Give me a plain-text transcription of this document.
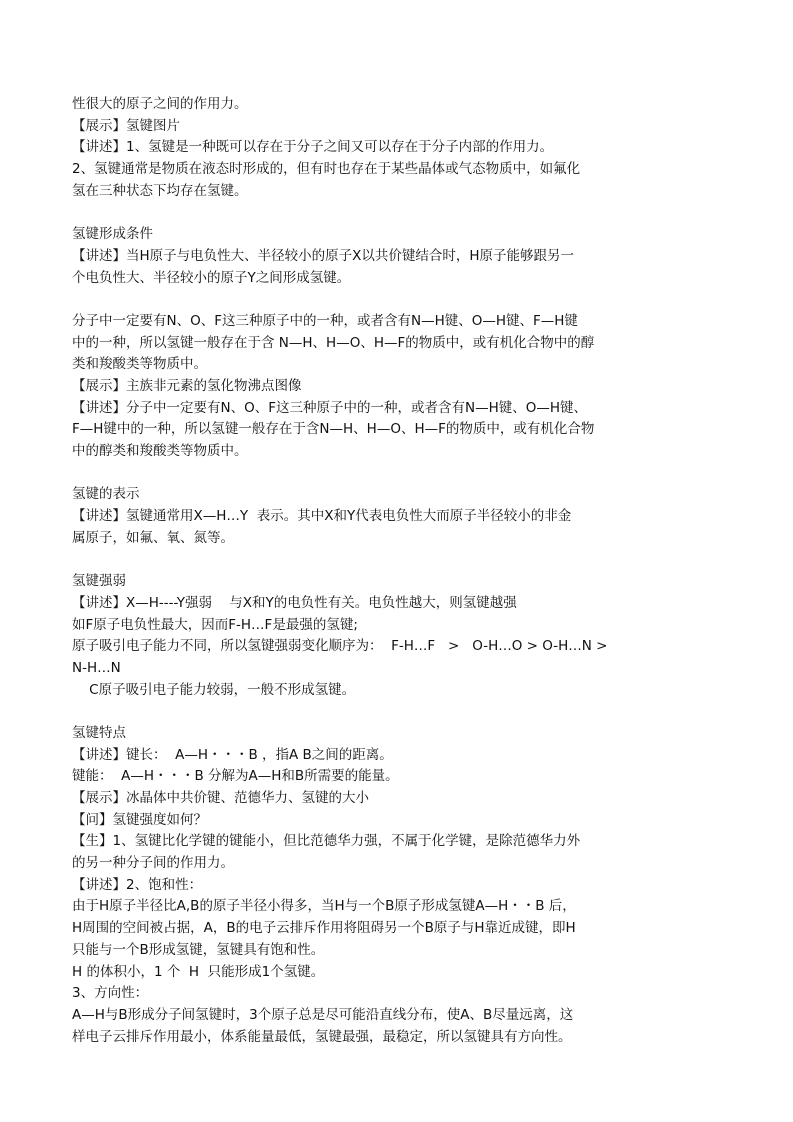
性很大的原子之间的作用力。
【展示】氢键图片
【讲述】1、氢键是一种既可以存在于分子之间又可以存在于分子内部的作用力。
2、氢键通常是物质在液态时形成的，但有时也存在于某些晶体或气态物质中，如氟化
氢在三种状态下均存在氢键。
氢键形成条件
【讲述】当H原子与电负性大、半径较小的原子X以共价键结合时，H原子能够跟另一
个电负性大、半径较小的原子Y之间形成氢键。
分子中一定要有N、O、F这三种原子中的一种，或者含有N—H键、O—H键、F—H键
中的一种，所以氢键一般存在于含 N—H、H—O、H—F的物质中，或有机化合物中的醇
类和羧酸类等物质中。
【展示】主族非元素的氢化物沸点图像
【讲述】分子中一定要有N、O、F这三种原子中的一种，或者含有N—H键、O—H键、
F—H键中的一种，所以氢键一般存在于含N—H、H—O、H—F的物质中，或有机化合物
中的醇类和羧酸类等物质中。
氢键的表示
【讲述】氢键通常用X—H…Y  表示。其中X和Y代表电负性大而原子半径较小的非金
属原子，如氟、氧、氮等。
氢键强弱
【讲述】X—H----Y强弱    与X和Y的电负性有关。电负性越大，则氢键越强
如F原子电负性最大，因而F-H…F是最强的氢键;
原子吸引电子能力不同，所以氢键强弱变化顺序为：  F-H…F   >   O-H…O > O-H…N >
N-H…N
C原子吸引电子能力较弱，一般不形成氢键。
氢键特点
【讲述】键长：  A—H・・・B ，指A B之间的距离。
键能：  A—H・・・B 分解为A—H和B所需要的能量。
【展示】冰晶体中共价键、范德华力、氢键的大小
【问】氢键强度如何？
【生】1、氢键比化学键的键能小，但比范德华力强，不属于化学键，是除范德华力外
的另一种分子间的作用力。
【讲述】2、饱和性：
由于H原子半径比A,B的原子半径小得多，当H与一个B原子形成氢键A—H・・B 后，
H周围的空间被占据，A，B的电子云排斥作用将阻碍另一个B原子与H靠近成键，即H
只能与一个B形成氢键，氢键具有饱和性。
H 的体积小，1 个  H  只能形成1个氢键。
3、方向性：
A—H与B形成分子间氢键时，3个原子总是尽可能沿直线分布，使A、B尽量远离，这
样电子云排斥作用最小，体系能量最低，氢键最强，最稳定，所以氢键具有方向性。
